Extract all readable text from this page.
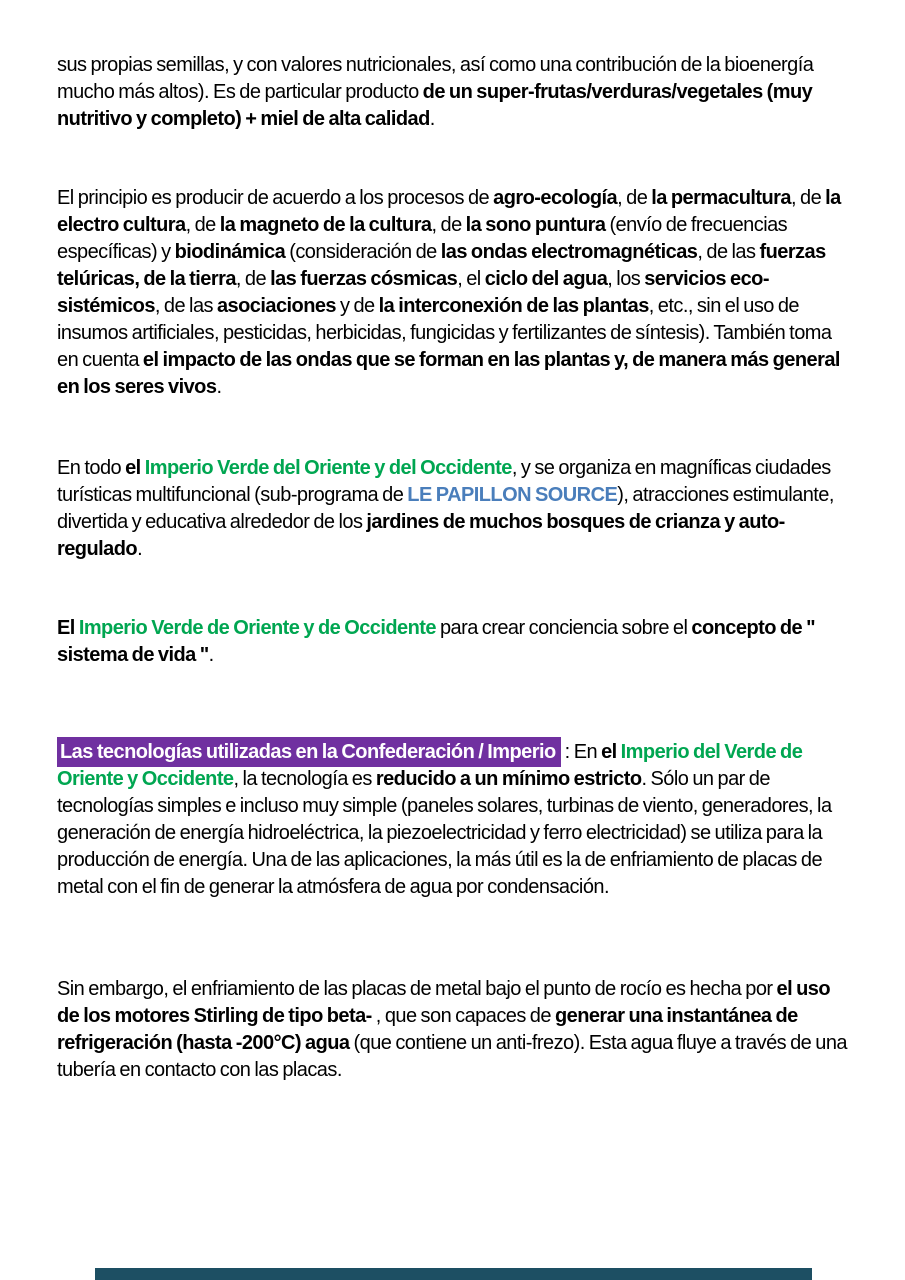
sus propias semillas, y con valores nutricionales, así como una contribución de la bioenergía mucho más altos). Es de particular producto de un super-frutas/verduras/vegetales (muy nutritivo y completo) + miel de alta calidad.

El principio es producir de acuerdo a los procesos de agro-ecología, de la permacultura, de la electro cultura, de la magneto de la cultura, de la sono puntura (envío de frecuencias específicas) y biodinámica (consideración de las ondas electromagnéticas, de las fuerzas telúricas, de la tierra, de las fuerzas cósmicas, el ciclo del agua, los servicios eco-sistémicos, de las asociaciones y de la interconexión de las plantas, etc., sin el uso de insumos artificiales, pesticidas, herbicidas, fungicidas y fertilizantes de síntesis). También toma en cuenta el impacto de las ondas que se forman en las plantas y, de manera más general en los seres vivos.

En todo el Imperio Verde del Oriente y del Occidente, y se organiza en magníficas ciudades turísticas multifuncional (sub-programa de LE PAPILLON SOURCE), atracciones estimulante, divertida y educativa alrededor de los jardines de muchos bosques de crianza y auto-regulado.

El Imperio Verde de Oriente y de Occidente para crear conciencia sobre el concepto de " sistema de vida ".

Las tecnologías utilizadas en la Confederación / Imperio : En el Imperio del Verde de Oriente y Occidente, la tecnología es reducido a un mínimo estricto. Sólo un par de tecnologías simples e incluso muy simple (paneles solares, turbinas de viento, generadores, la generación de energía hidroeléctrica, la piezoelectricidad y ferro electricidad) se utiliza para la producción de energía. Una de las aplicaciones, la más útil es la de enfriamiento de placas de metal con el fin de generar la atmósfera de agua por condensación.

Sin embargo, el enfriamiento de las placas de metal bajo el punto de rocío es hecha por el uso de los motores Stirling de tipo beta- , que son capaces de generar una instantánea de refrigeración (hasta -200°C) agua (que contiene un anti-frezo). Esta agua fluye a través de una tubería en contacto con las placas.
